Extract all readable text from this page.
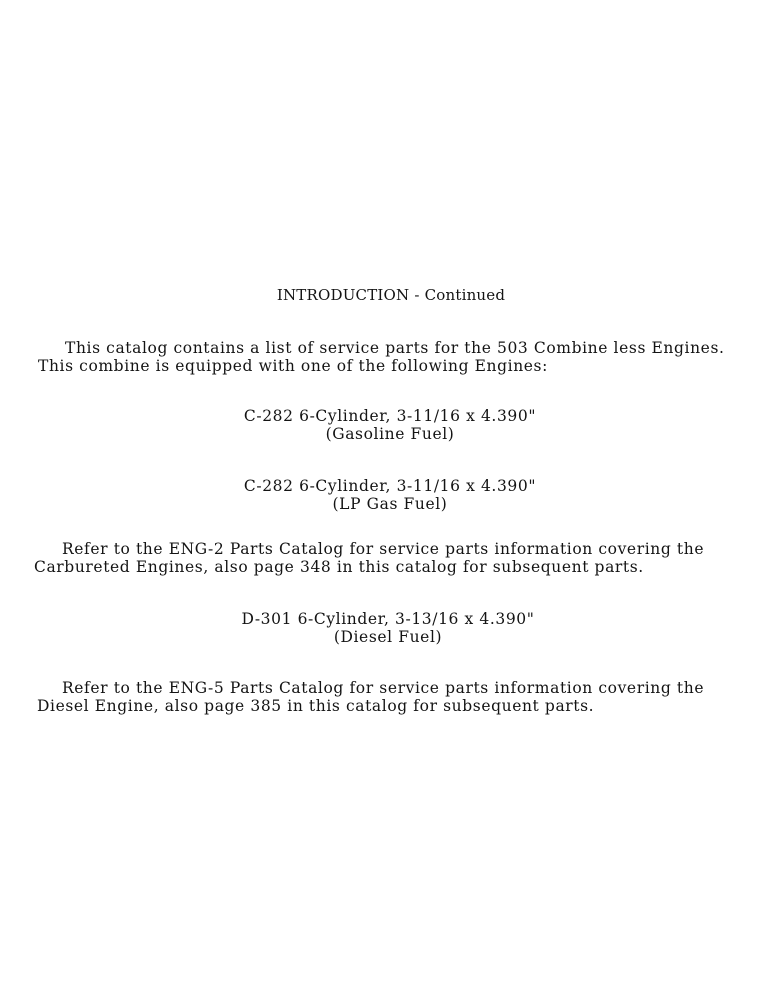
INTRODUCTION - Continued
This catalog contains a list of service parts for the 503 Combine less Engines.
This combine is equipped with one of the following Engines:
C-282 6-Cylinder, 3-11/16 x 4.390"
(Gasoline Fuel)
C-282 6-Cylinder, 3-11/16 x 4.390"
(LP Gas Fuel)
Refer to the ENG-2 Parts Catalog for service parts information covering the
Carbureted Engines, also page 348 in this catalog for subsequent parts.
D-301 6-Cylinder, 3-13/16 x 4.390"
(Diesel Fuel)
Refer to the ENG-5 Parts Catalog for service parts information covering the
Diesel Engine, also page 385 in this catalog for subsequent parts.
